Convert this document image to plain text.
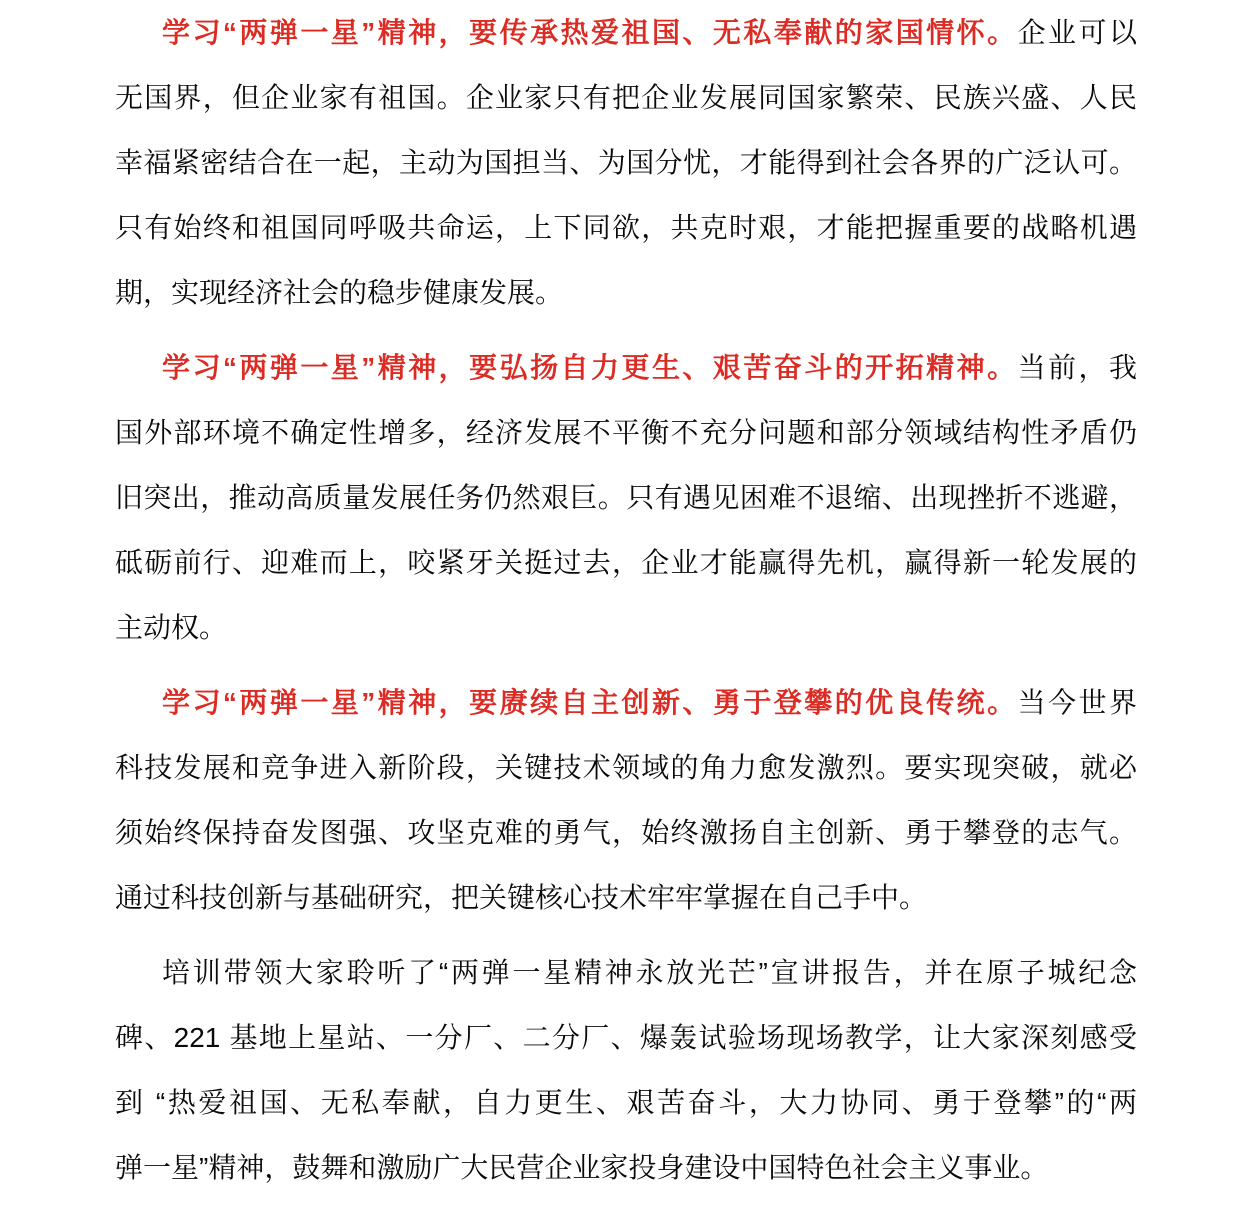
学习“两弹一星”精神，要传承热爱祖国、无私奉献的家国情怀。企业可以
无国界，但企业家有祖国。企业家只有把企业发展同国家繁荣、民族兴盛、人民
幸福紧密结合在一起，主动为国担当、为国分忧，才能得到社会各界的广泛认可。
只有始终和祖国同呼吸共命运，上下同欲，共克时艰，才能把握重要的战略机遇
期，实现经济社会的稳步健康发展。
学习“两弹一星”精神，要弘扬自力更生、艰苦奋斗的开拓精神。当前，我
国外部环境不确定性增多，经济发展不平衡不充分问题和部分领域结构性矛盾仍
旧突出，推动高质量发展任务仍然艰巨。只有遇见困难不退缩、出现挫折不逃避，
砥砺前行、迎难而上，咬紧牙关挺过去，企业才能赢得先机，赢得新一轮发展的
主动权。
学习“两弹一星”精神，要赓续自主创新、勇于登攀的优良传统。当今世界
科技发展和竞争进入新阶段，关键技术领域的角力愈发激烈。要实现突破，就必
须始终保持奋发图强、攻坚克难的勇气，始终激扬自主创新、勇于攀登的志气。
通过科技创新与基础研究，把关键核心技术牢牢掌握在自己手中。
培训带领大家聆听了“两弹一星精神永放光芒”宣讲报告，并在原子城纪念
碑、221 基地上星站、一分厂、二分厂、爆轰试验场现场教学，让大家深刻感受
到 “热爱祖国、无私奉献，自力更生、艰苦奋斗，大力协同、勇于登攀”的“两
弹一星”精神，鼓舞和激励广大民营企业家投身建设中国特色社会主义事业。
